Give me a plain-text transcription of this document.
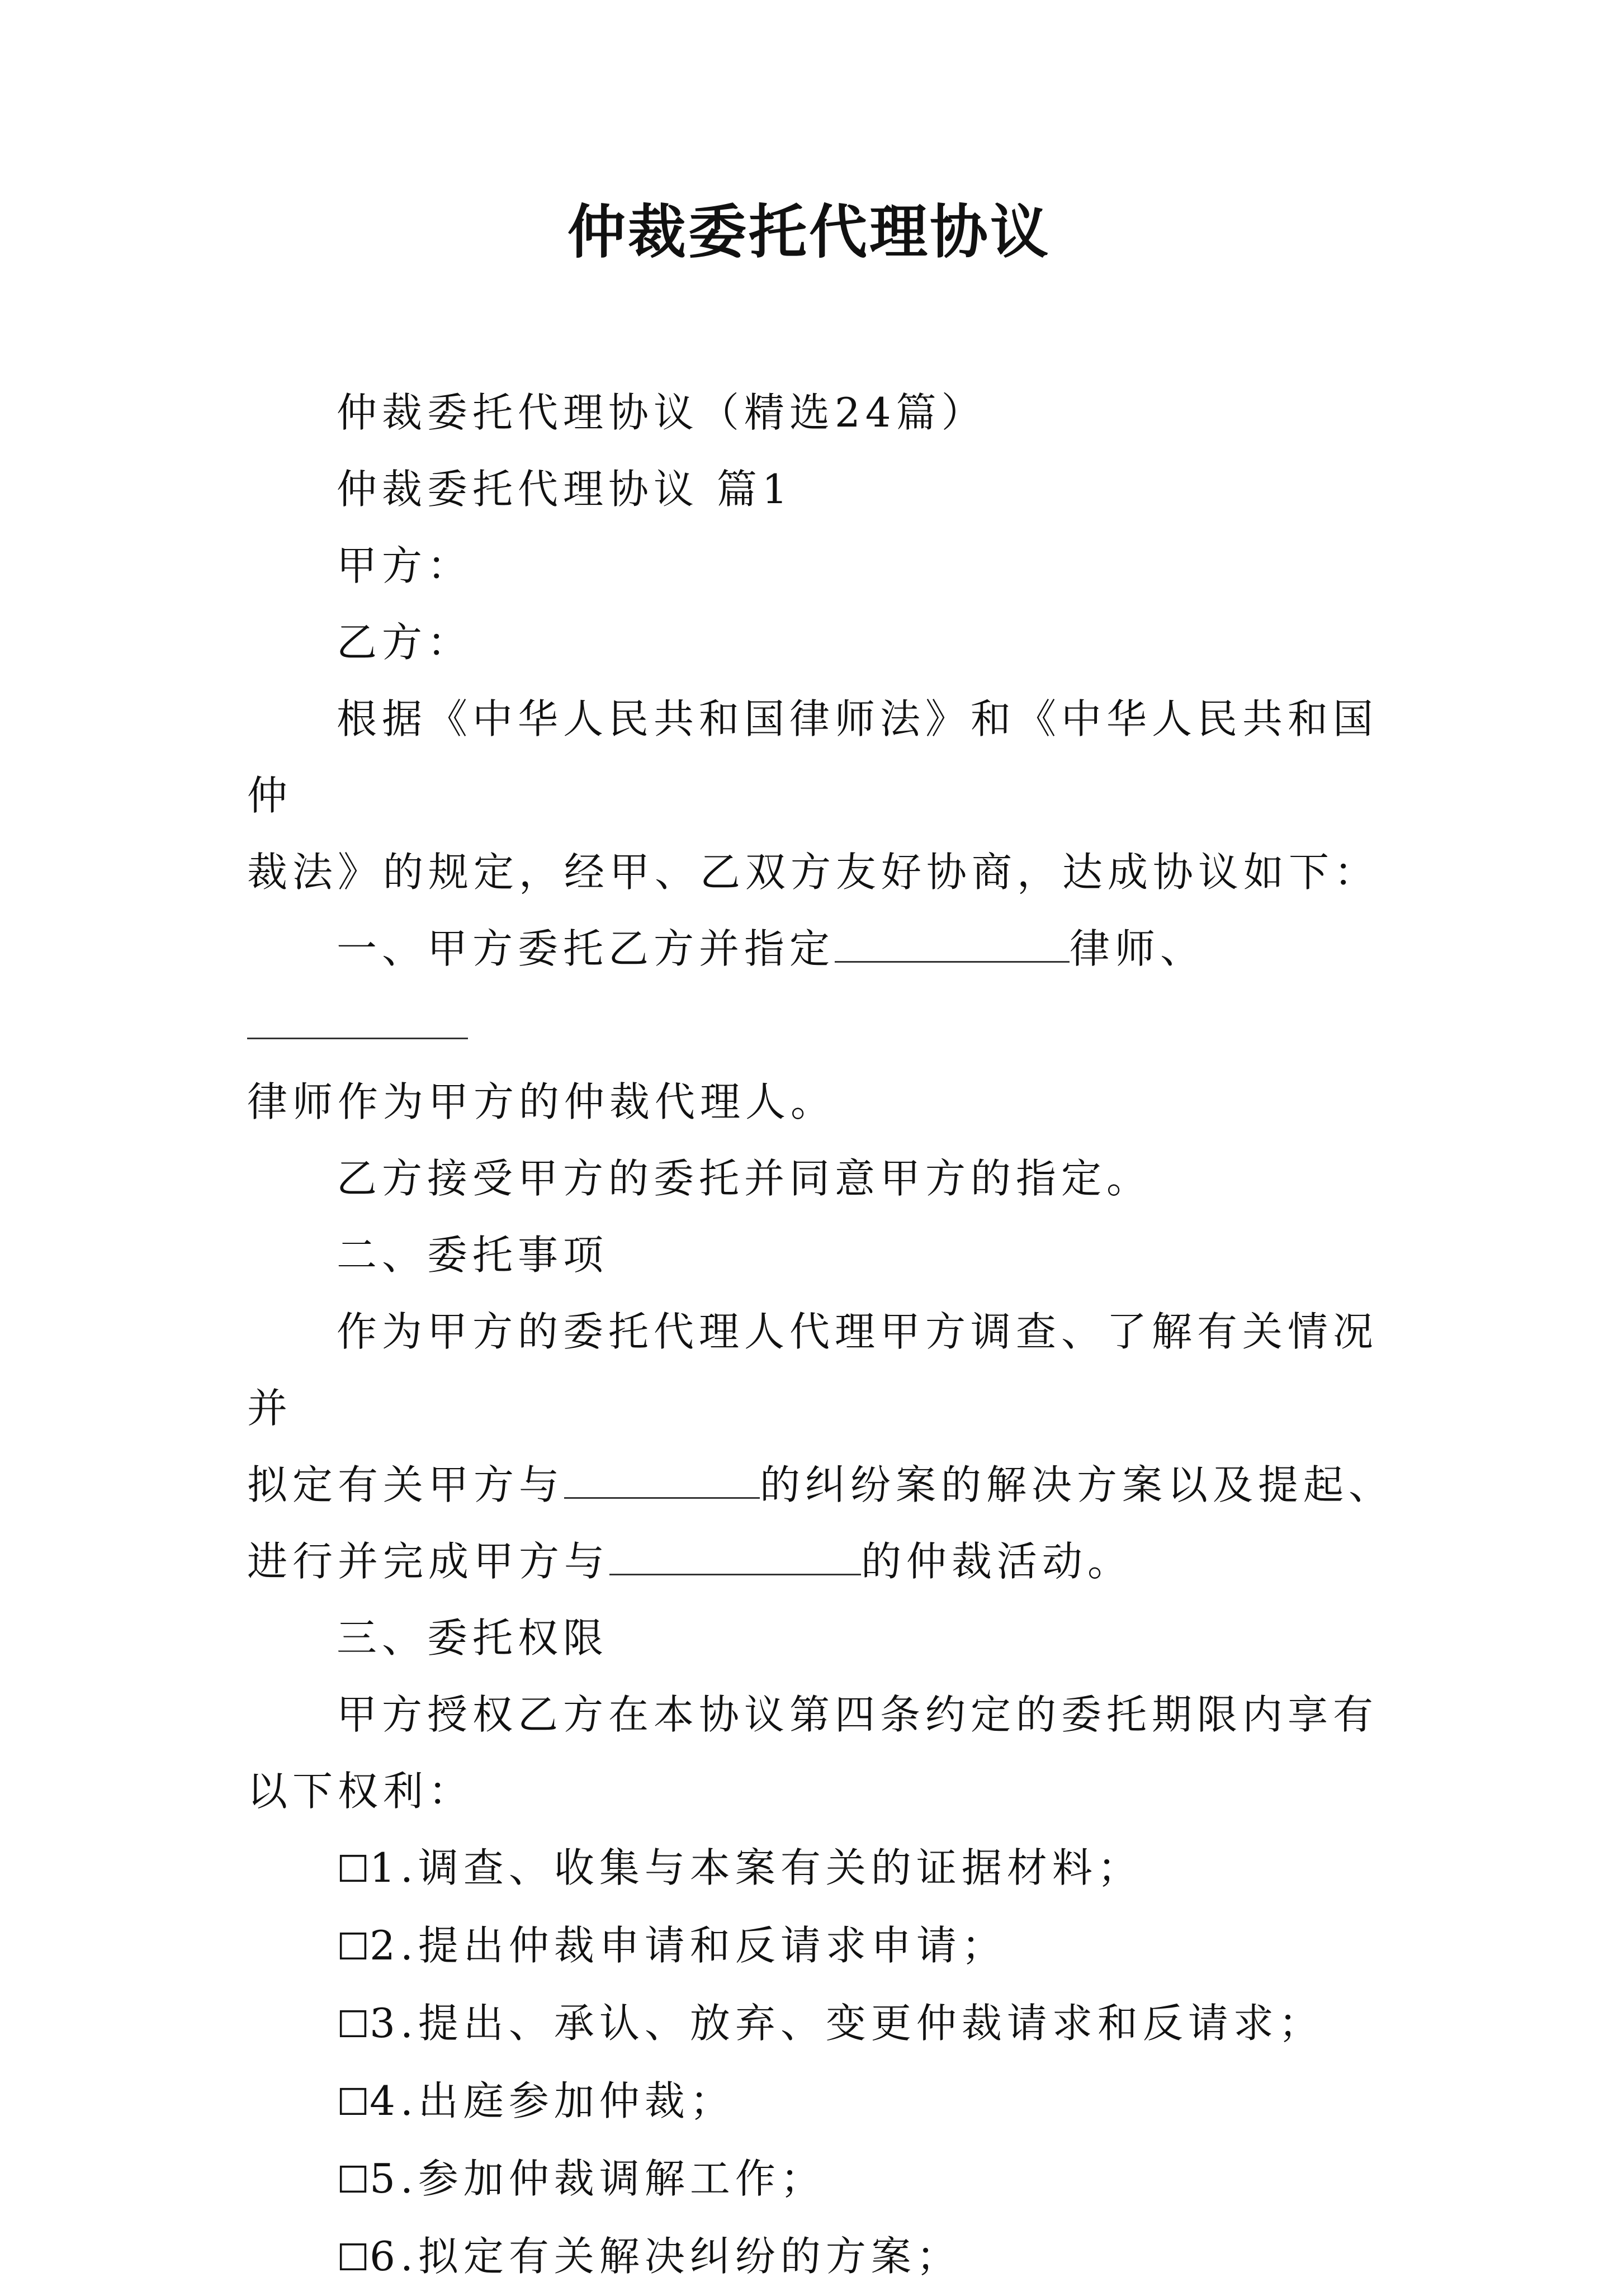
仲裁委托代理协议

仲裁委托代理协议（精选24篇）

仲裁委托代理协议 篇1

甲方：

乙方：

根据《中华人民共和国律师法》和《中华人民共和国仲
裁法》的规定，经甲、乙双方友好协商，达成协议如下：

一、甲方委托乙方并指定	律师、
律师作为甲方的仲裁代理人。

乙方接受甲方的委托并同意甲方的指定。

二、委托事项

作为甲方的委托代理人代理甲方调查、了解有关情况并
拟定有关甲方与	的纠纷案的解决方案以及提起、
进行并完成甲方与	的仲裁活动。

三、委托权限

甲方授权乙方在本协议第四条约定的委托期限内享有
以下权利：

☐1.调查、收集与本案有关的证据材料；

☐2.提出仲裁申请和反请求申请；

☐3.提出、承认、放弃、变更仲裁请求和反请求；

☐4.出庭参加仲裁；

☐5.参加仲裁调解工作；

☐6.拟定有关解决纠纷的方案；
